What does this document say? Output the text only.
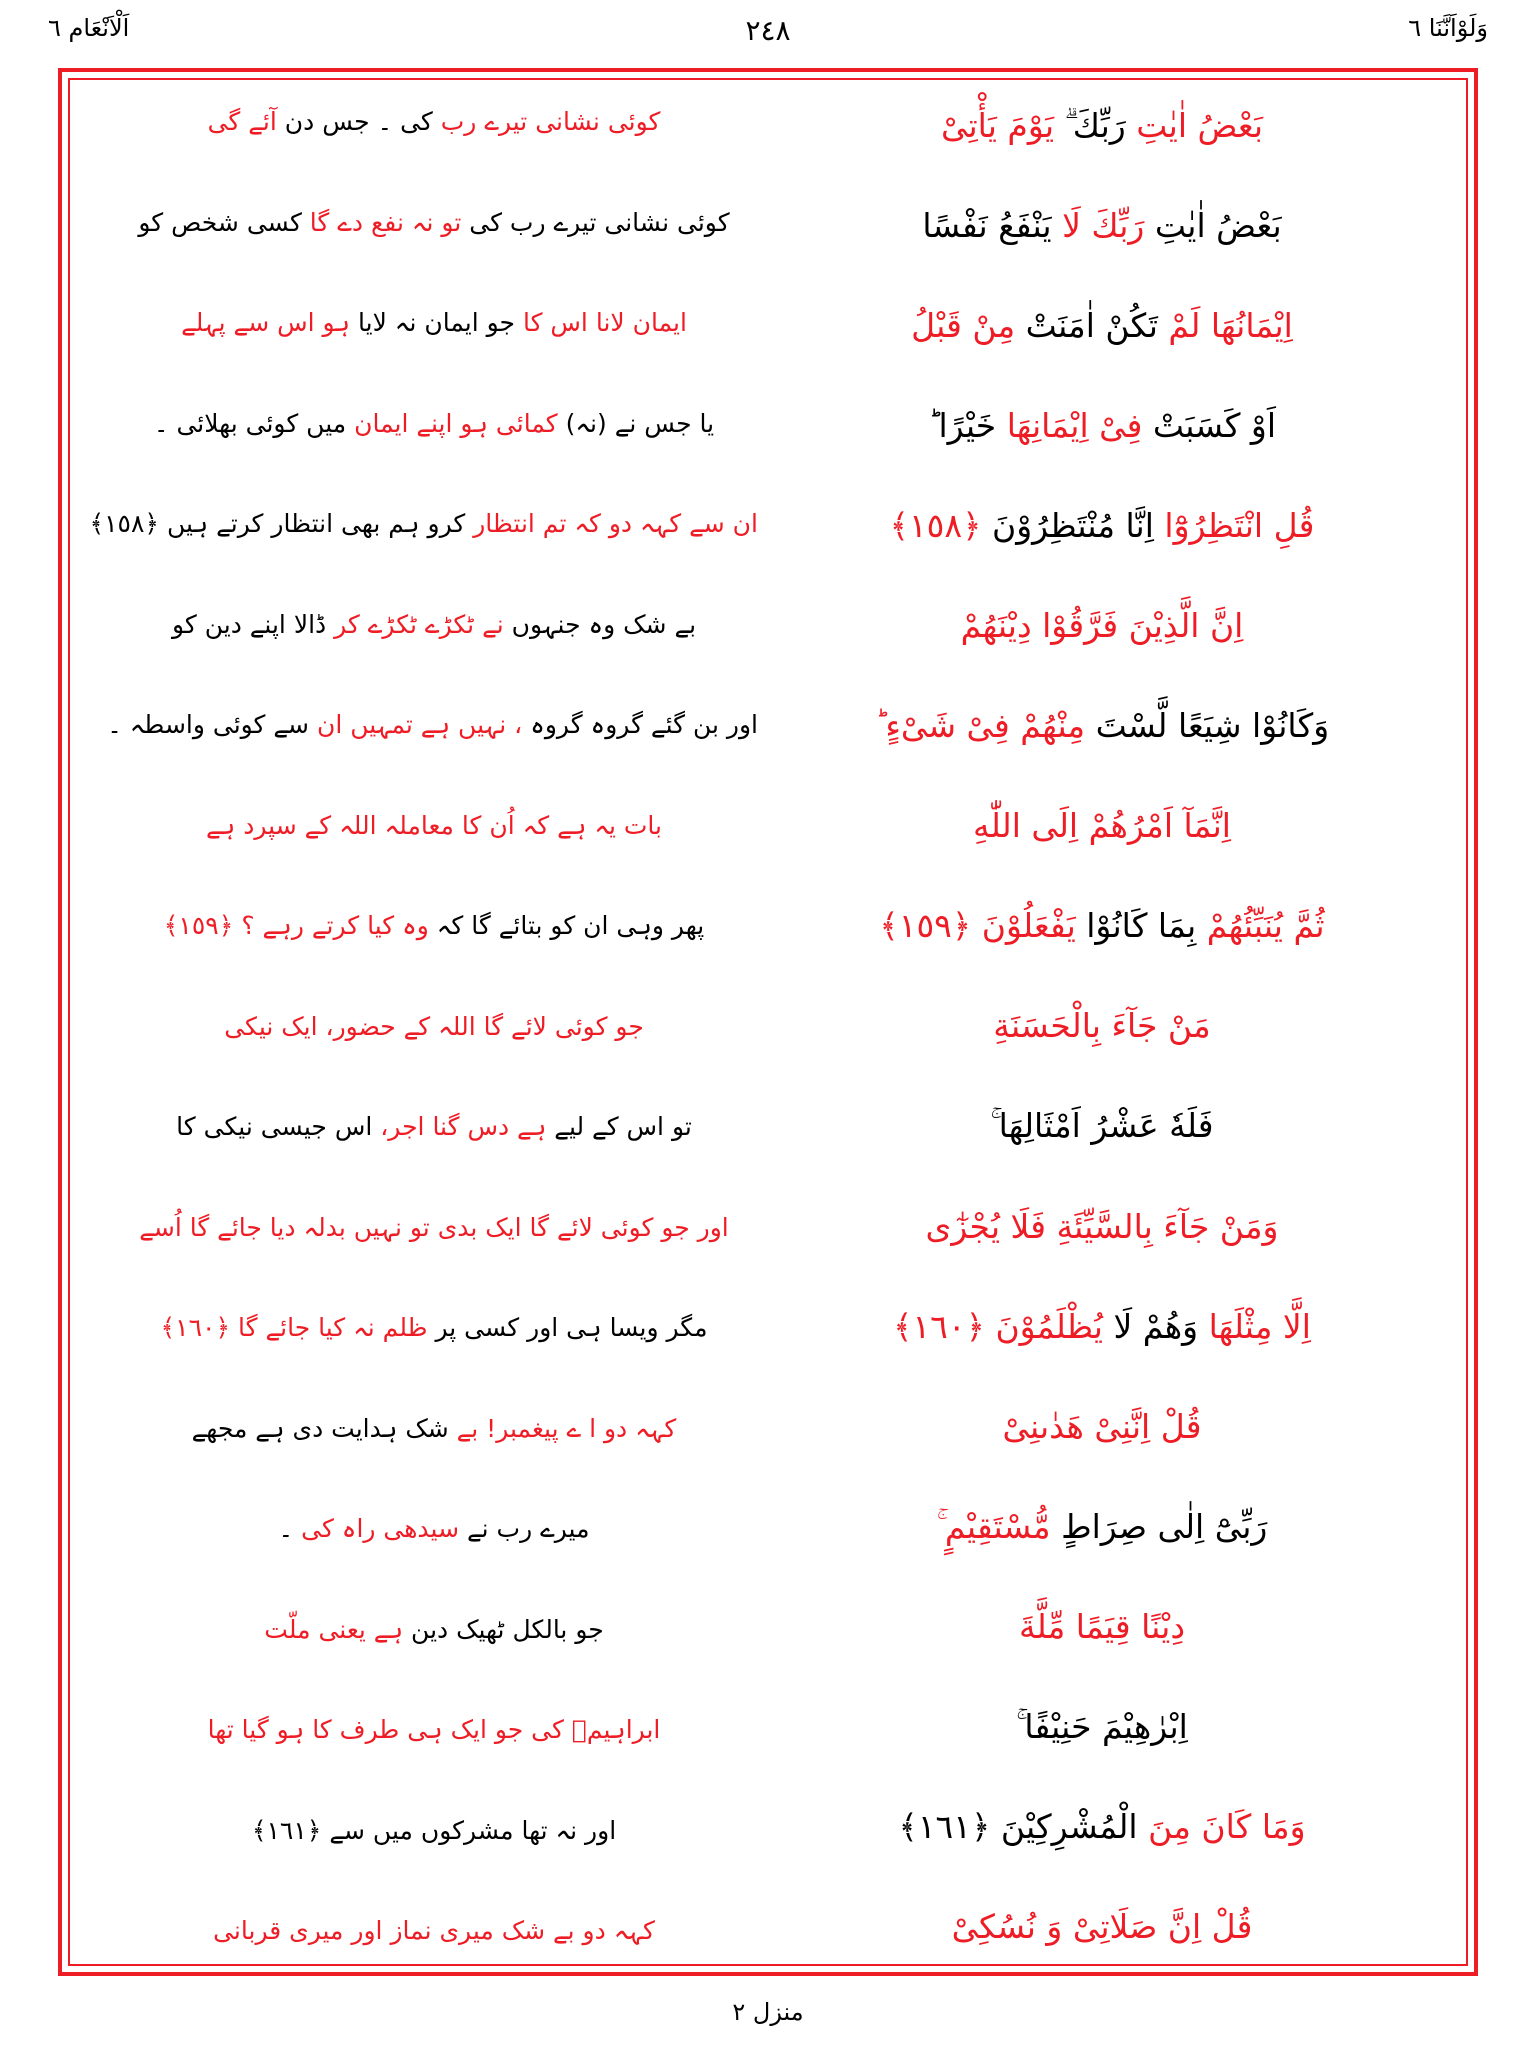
وَلَوْاَنَّنَا ٦
٢٤٨
اَلْاَنْعَام ٦
بَعْضُ اٰيٰتِ رَبِّكَ ۗ يَوْمَ يَأْتِىْ
بَعْضُ اٰيٰتِ رَبِّكَ لَا يَنْفَعُ نَفْسًا
اِيْمَانُهَا لَمْ تَكُنْ اٰمَنَتْ مِنْ قَبْلُ
اَوْ كَسَبَتْ فِىْ اِيْمَانِهَا خَيْرًا ؕ
قُلِ انْتَظِرُوْٓا اِنَّا مُنْتَظِرُوْنَ ﴿١٥٨﴾
اِنَّ الَّذِيْنَ فَرَّقُوْا دِيْنَهُمْ
وَكَانُوْا شِيَعًا لَّسْتَ مِنْهُمْ فِىْ شَىْءٍ
اِنَّمَآ اَمْرُهُمْ اِلَى اللّٰهِ
ثُمَّ يُنَبِّئُهُمْ بِمَا كَانُوْا يَفْعَلُوْنَ ﴿١٥٩﴾
مَنْ جَآءَ بِالْحَسَنَةِ
فَلَهٗ عَشْرُ اَمْثَالِهَا ۚ
وَمَنْ جَآءَ بِالسَّيِّئَةِ فَلَا يُجْزٰٓى
اِلَّا مِثْلَهَا وَهُمْ لَا يُظْلَمُوْنَ ﴿١٦٠﴾
قُلْ اِنَّنِىْ هَدٰىنِىْ
رَبِّىْٓ اِلٰى صِرَاطٍ مُّسْتَقِيْمٍ ۚ
دِيْنًا قِيَمًا مِّلَّةَ
اِبْرٰهِيْمَ حَنِيْفًا ۚ
وَمَا كَانَ مِنَ الْمُشْرِكِيْنَ ﴿١٦١﴾
قُلْ اِنَّ صَلَاتِىْ وَ نُسُكِىْ
کوئی نشانی تیرے رب کی ۔ جس دن آئے گی
کوئی نشانی تیرے رب کی تو نہ نفع دے گا کسی شخص کو
ایمان لانا اس کا جو ایمان نہ لایا ہو اس سے پہلے
یا جس نے (نہ) کمائی ہو اپنے ایمان میں کوئی بھلائی ۔
ان سے کہہ دو کہ تم انتظار کرو ہم بھی انتظار کرتے ہیں ﴿١٥٨﴾
بے شک وہ جنہوں نے ٹکڑے ٹکڑے کر ڈالا اپنے دین کو
اور بن گئے گروہ گروہ ، نہیں ہے تمہیں ان سے کوئی واسطہ ۔
بات یہ ہے کہ اُن کا معاملہ اللہ کے سپرد ہے
پھر وہی ان کو بتائے گا کہ وہ کیا کرتے رہے ؟ ﴿١٥٩﴾
جو کوئی لائے گا اللہ کے حضور، ایک نیکی
تو اس کے لیے ہے دس گنا اجر، اس جیسی نیکی کا
اور جو کوئی لائے گا ایک بدی تو نہیں بدلہ دیا جائے گا اُسے
مگر ویسا ہی اور کسی پر ظلم نہ کیا جائے گا ﴿١٦٠﴾
کہہ دو ا ے پیغمبر! بے شک ہدایت دی ہے مجھے
میرے رب نے سیدھی راہ کی ۔
جو بالکل ٹھیک دین ہے یعنی ملّت
ابراہیمؑ کی جو ایک ہی طرف کا ہو گیا تھا
اور نہ تھا مشرکوں میں سے ﴿١٦١﴾
کہہ دو بے شک میری نماز اور میری قربانی
منزل ٢
